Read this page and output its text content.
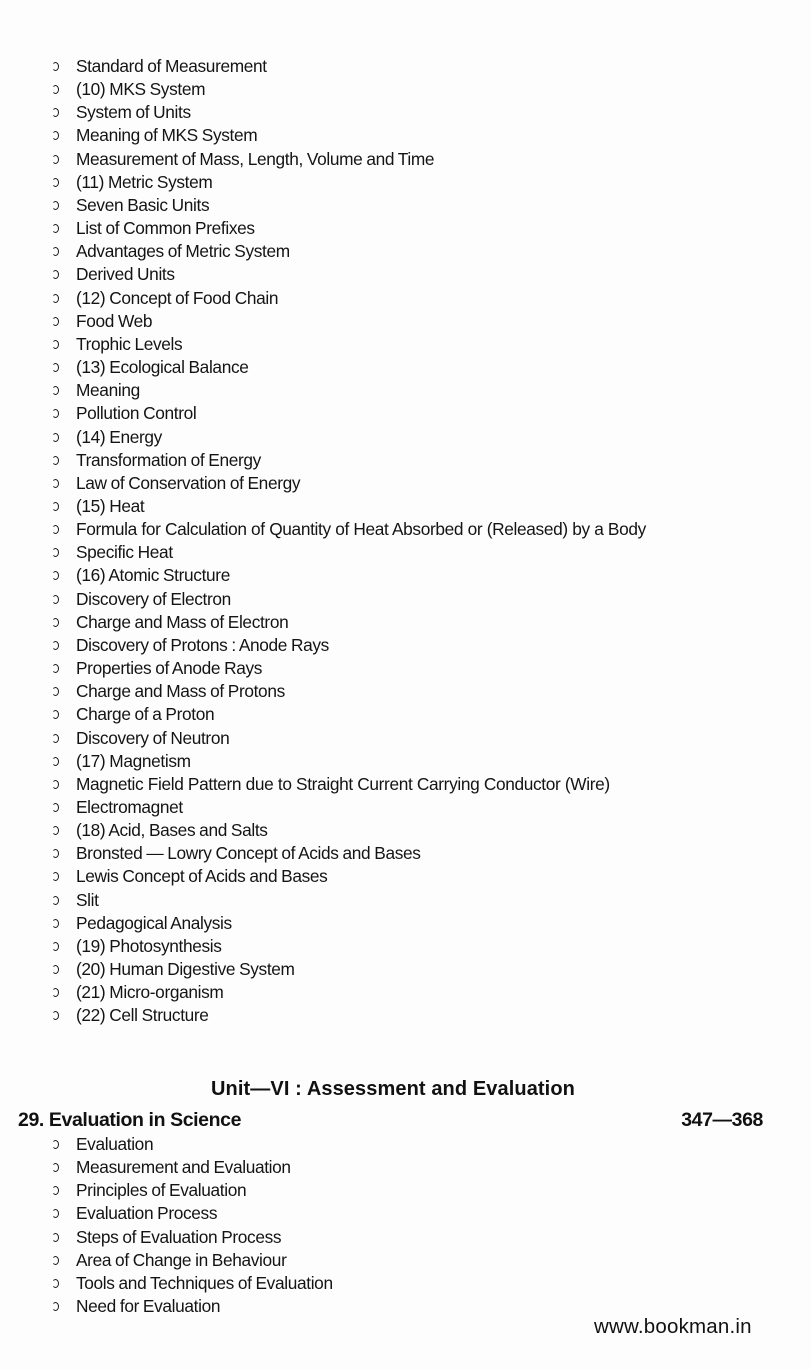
Standard of Measurement
(10) MKS System
System of Units
Meaning of MKS System
Measurement of Mass, Length, Volume and Time
(11) Metric System
Seven Basic Units
List of Common Prefixes
Advantages of Metric System
Derived Units
(12) Concept of Food Chain
Food Web
Trophic Levels
(13) Ecological Balance
Meaning
Pollution Control
(14) Energy
Transformation of Energy
Law of Conservation of Energy
(15) Heat
Formula for Calculation of Quantity of Heat Absorbed or (Released) by a Body
Specific Heat
(16) Atomic Structure
Discovery of Electron
Charge and Mass of Electron
Discovery of Protons : Anode Rays
Properties of Anode Rays
Charge and Mass of Protons
Charge of a Proton
Discovery of Neutron
(17) Magnetism
Magnetic Field Pattern due to Straight Current Carrying Conductor (Wire)
Electromagnet
(18) Acid, Bases and Salts
Bronsted — Lowry Concept of Acids and Bases
Lewis Concept of Acids and Bases
Slit
Pedagogical Analysis
(19) Photosynthesis
(20) Human Digestive System
(21) Micro-organism
(22) Cell Structure
Unit—VI : Assessment and Evaluation
29. Evaluation in Science	347—368
Evaluation
Measurement and Evaluation
Principles of Evaluation
Evaluation Process
Steps of Evaluation Process
Area of Change in Behaviour
Tools and Techniques of Evaluation
Need for Evaluation
www.bookman.in
